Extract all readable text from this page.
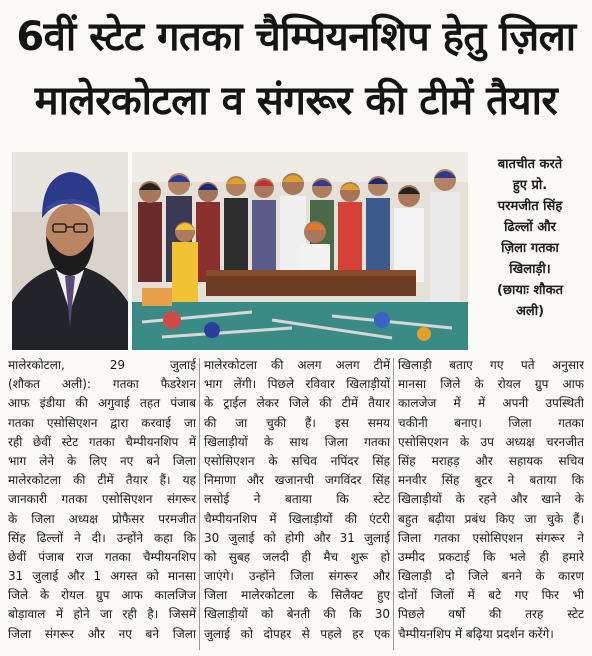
6वीं स्टेट गतका चैम्पियनशिप हेतु ज़िला
मालेरकोटला व संगरूर की टीमें तैयार
बातचीत करते
हुए प्रो.
परमजीत सिंह
ढिल्लों और
ज़िला गतका
खिलाड़ी।
(छायाः शौकत
अली)
मालेरकोटला, 29 जुलाई
(शौकत अली): गतका फैडरेशन
आफ इंडीया की अगुवाई तहत पंजाब
गतका एसोसिएशन द्वारा करवाई जा
रही छेवीं स्टेट गतका चैम्पीयनशिप में
भाग लेने के लिए नए बने जिला
मालेरकोटला की टीमें तैयार हैं। यह
जानकारी गतका एसोसिएशन संगरूर
के जिला अध्यक्ष प्रोफैसर परमजीत
सिंह ढिल्लों ने दी। उन्होंने कहा कि
छेवीं पंजाब राज गतका चैम्पीयनशिप
31 जुलाई और 1 अगस्त को मानसा
जिले के रोयल ग्रुप आफ कालजिज
बोड़ावाल में होने जा रही है। जिसमें
जिला संगरूर और नए बने जिला
मालेरकोटला की अलग अलग टीमें
भाग लेंगी। पिछले रविवार खिलाड़ीयों
के ट्राईल लेकर जिले की टीमें तैयार
की जा चुकी हैं। इस समय
खिलाड़ीयों के साथ जिला गतका
एसोसिएशन के सचिव नपिंदर सिंह
निमाणा और खजानची जगविंदर सिंह
लसोई ने बताया कि स्टेट
चैम्पीयनशिप में खिलाड़ीयों की एंटरी
30 जुलाई को होगी और 31 जुलाई
को सुबह जलदी ही मैच शुरू हो
जाएंगे। उन्होंने जिला संगरूर और
जिला मालेरकोटला के सिलैक्ट हुए
खिलाड़ीयों को बेनती की कि 30
जुलाई को दोपहर से पहले हर एक
खिलाड़ी बताए गए पते अनुसार
मानसा जिले के रोयल ग्रुप आफ
कालजेज में में अपनी उपस्थिती
चकीनी बनाए। जिला गतका
एसोसिएशन के उप अध्यक्ष चरनजीत
सिंह मराहड़ और सहायक सचिव
मनवीर सिंह बुटर ने बताया कि
खिलाड़ीयों के रहने और खाने के
बहुत बढ़ीया प्रबंध किए जा चुके हैं।
जिला गतका एसोसिएशन संगरूर ने
उम्मीद प्रकटाई कि भले ही हमारे
खिलाड़ी दो जिले बनने के कारण
दोनों जिलों में बटे गए फिर भी
पिछले वर्षो की तरह स्टेट
चैम्पीयनशिप में बढ़िया प्रदर्शन करेंगे।
